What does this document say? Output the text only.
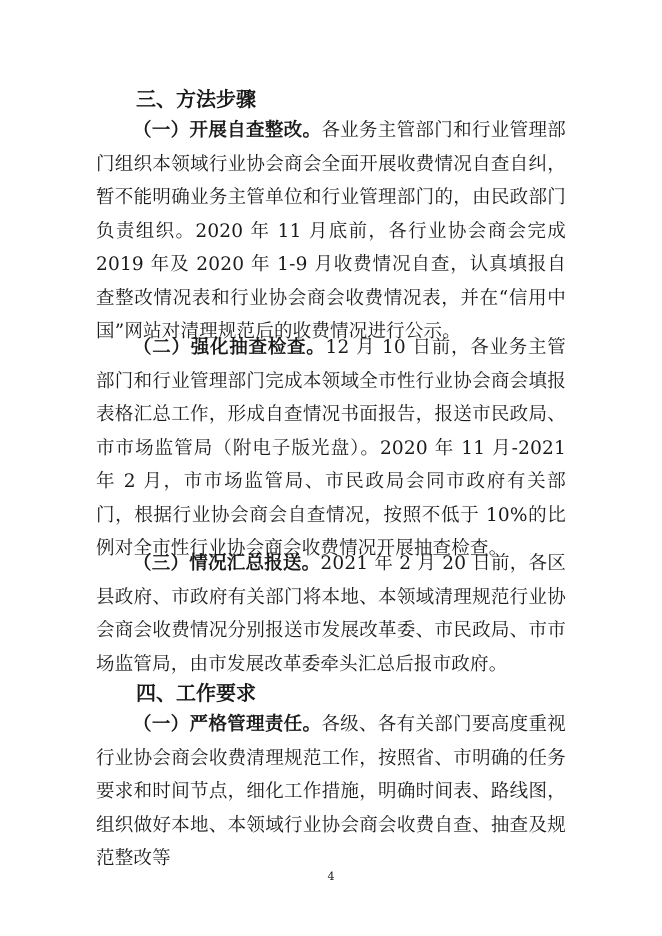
三、方法步骤
（一）开展自查整改。各业务主管部门和行业管理部门组织本领域行业协会商会全面开展收费情况自查自纠，暂不能明确业务主管单位和行业管理部门的，由民政部门负责组织。2020 年 11 月底前，各行业协会商会完成 2019 年及 2020 年 1-9 月收费情况自查，认真填报自查整改情况表和行业协会商会收费情况表，并在“信用中国”网站对清理规范后的收费情况进行公示。
（二）强化抽查检查。12 月 10 日前，各业务主管部门和行业管理部门完成本领域全市性行业协会商会填报表格汇总工作，形成自查情况书面报告，报送市民政局、市市场监管局（附电子版光盘）。2020 年 11 月-2021 年 2 月，市市场监管局、市民政局会同市政府有关部门，根据行业协会商会自查情况，按照不低于 10%的比例对全市性行业协会商会收费情况开展抽查检查。
（三）情况汇总报送。2021 年 2 月 20 日前，各区县政府、市政府有关部门将本地、本领域清理规范行业协会商会收费情况分别报送市发展改革委、市民政局、市市场监管局，由市发展改革委牵头汇总后报市政府。
四、工作要求
（一）严格管理责任。各级、各有关部门要高度重视行业协会商会收费清理规范工作，按照省、市明确的任务要求和时间节点，细化工作措施，明确时间表、路线图，组织做好本地、本领域行业协会商会收费自查、抽查及规范整改等
4
